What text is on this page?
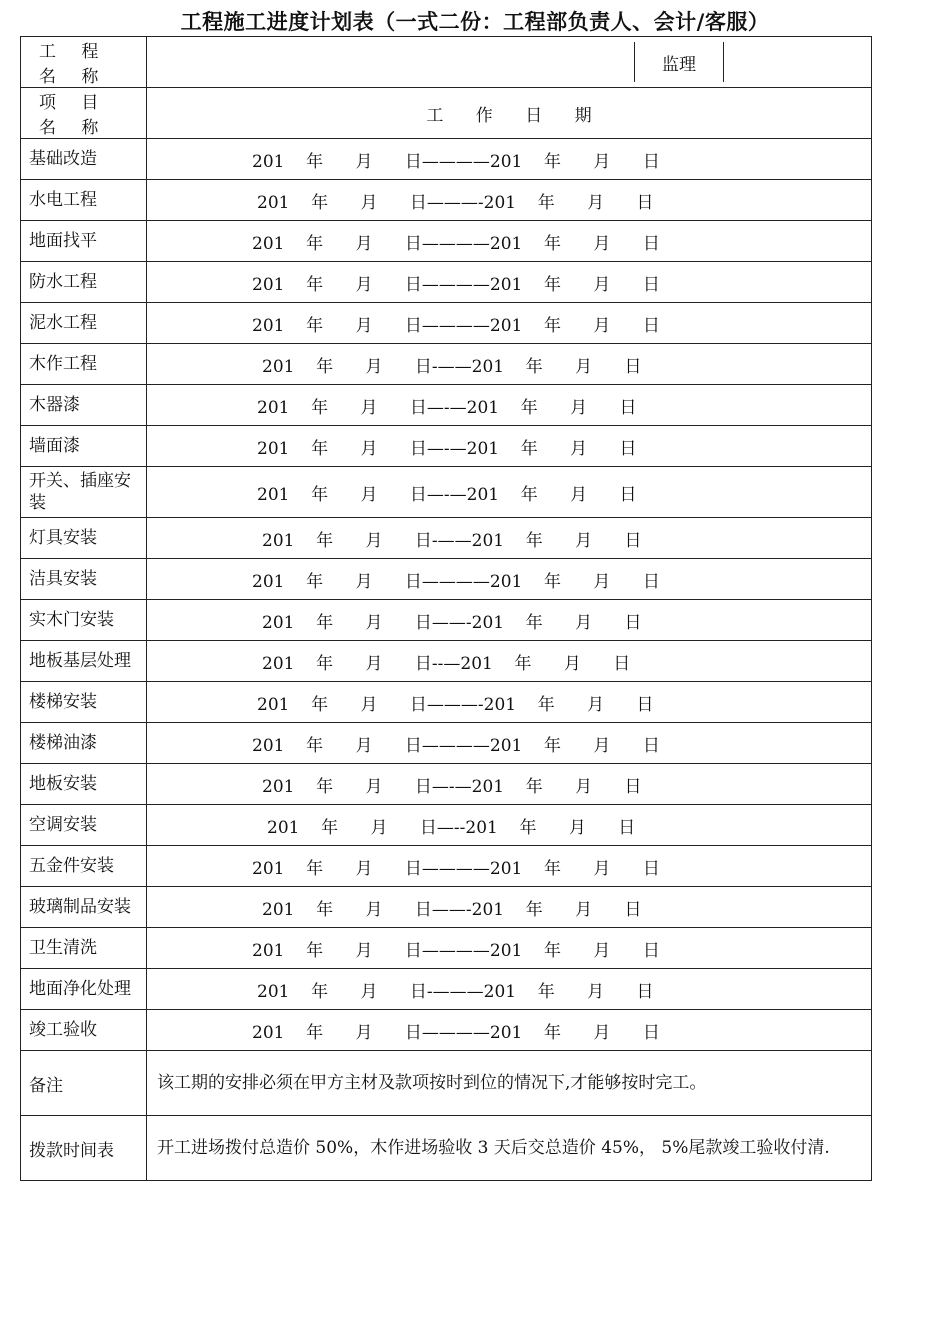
工程施工进度计划表（一式二份：工程部负责人、会计/客服）
工 程 名 称	监理

项 目 名 称	工      作      日      期
基础改造	201    年      月      日————201    年      月      日
水电工程	201    年      月      日———-201    年      月      日
地面找平	201    年      月      日————201    年      月      日
防水工程	201    年      月      日————201    年      月      日
泥水工程	201    年      月      日————201    年      月      日
木作工程	201    年      月      日-——201    年      月      日
木器漆	201    年      月      日—-—201    年      月      日
墙面漆	201    年      月      日—-—201    年      月      日
开关、插座安装	201    年      月      日—-—201    年      月      日
灯具安装	201    年      月      日-——201    年      月      日
洁具安装	201    年      月      日————201    年      月      日
实木门安装	201    年      月      日——-201    年      月      日
地板基层处理	201    年      月      日--—201    年      月      日
楼梯安装	201    年      月      日———-201    年      月      日
楼梯油漆	201    年      月      日————201    年      月      日
地板安装	201    年      月      日—-—201    年      月      日
空调安装	201    年      月      日—--201    年      月      日
五金件安装	201    年      月      日————201    年      月      日
玻璃制品安装	201    年      月      日——-201    年      月      日
卫生清洗	201    年      月      日————201    年      月      日
地面净化处理	201    年      月      日-———201    年      月      日
竣工验收	201    年      月      日————201    年      月      日
备注	该工期的安排必须在甲方主材及款项按时到位的情况下,才能够按时完工。
拨款时间表	开工进场拨付总造价 50%，木作进场验收 3 天后交总造价 45%， 5%尾款竣工验收付清.
